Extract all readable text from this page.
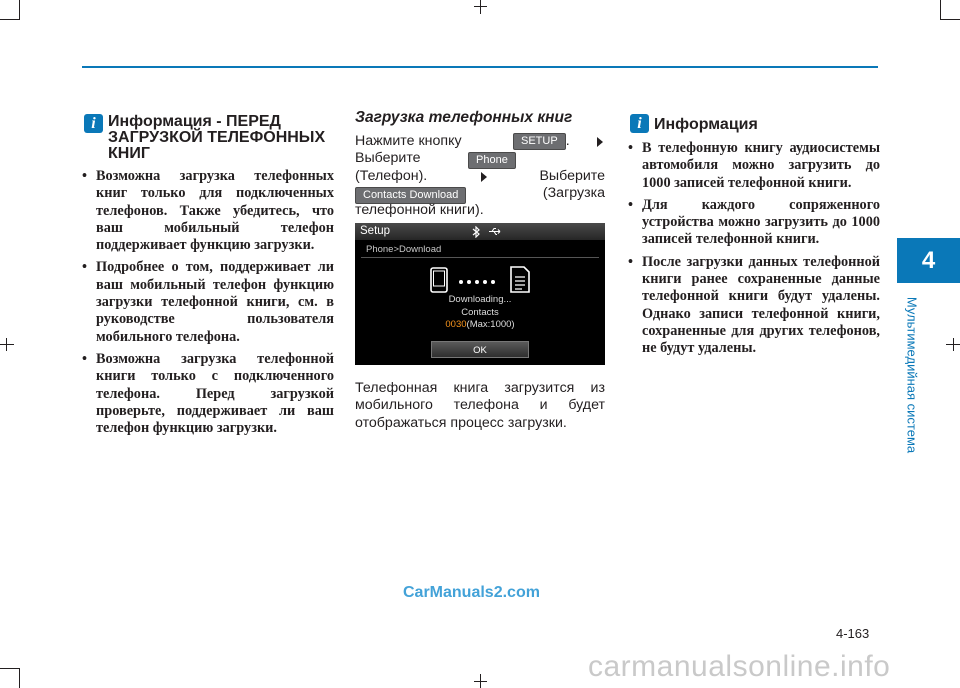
4
Мультимедийная система
i Информация - ПЕРЕД
ЗАГРУЗКОЙ ТЕЛЕФОННЫХ
КНИГ
• Возможна загрузка телефонных книг только для подключенных телефонов. Также убедитесь, что ваш мобильный телефон поддерживает функцию загрузки.
• Подробнее о том, поддерживает ли ваш мобильный телефон функцию загрузки телефонной книги, см. в руководстве пользователя мобильного телефона.
• Возможна загрузка телефонной книги только с подключенного телефона. Перед загрузкой проверьте, поддерживает ли ваш телефон функцию загрузки.
Загрузка телефонных книг
Нажмите кнопку	SETUP .
Выберите	Phone
(Телефон).	Выберите
Contacts Download	(Загрузка
телефонной книги).
Setup
Phone>Download
Downloading...
Contacts
0030(Max:1000)
OK
Телефонная книга загрузится из мобильного телефона и будет отображаться процесс загрузки.
i Информация
• В телефонную книгу аудиосистемы автомобиля можно загрузить до 1000 записей телефонной книги.
• Для каждого сопряженного устройства можно загрузить до 1000 записей телефонной книги.
• После загрузки данных телефонной книги ранее сохраненные данные телефонной книги будут удалены. Однако записи телефонной книги, сохраненные для других телефонов, не будут удалены.
CarManuals2.com
4-163
carmanualsonline.info
